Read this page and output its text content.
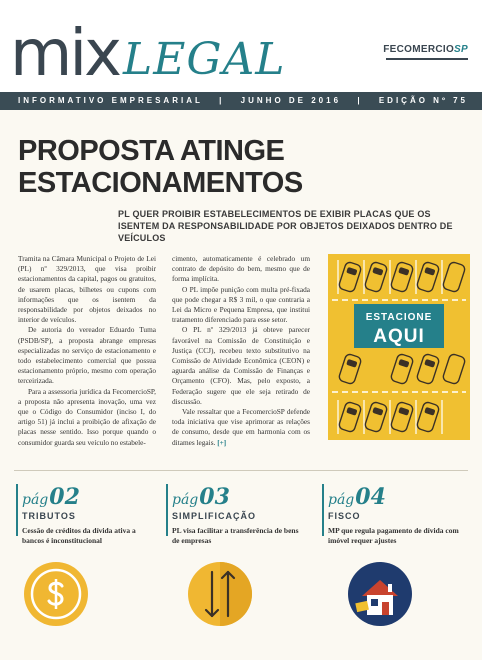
mix LEGAL	FECOMERCIOSP
INFORMATIVO EMPRESARIAL | JUNHO DE 2016 | EDIÇÃO Nº 75
PROPOSTA ATINGE ESTACIONAMENTOS
PL QUER PROIBIR ESTABELECIMENTOS DE EXIBIR PLACAS QUE OS ISENTEM DA RESPONSABILIDADE POR OBJETOS DEIXADOS DENTRO DE VEÍCULOS

Tramita na Câmara Municipal o Projeto de Lei (PL) nº 329/2013, que visa proibir estacionamentos da capital, pagos ou gratuitos, de usarem placas, bilhetes ou cupons com informações que os isentem da responsabilidade por objetos deixados no interior de veículos.

De autoria do vereador Eduardo Tuma (PSDB/SP), a proposta abrange empresas especializadas no serviço de estacionamento e todo estabelecimento comercial que possua estacionamento próprio, mesmo com operação terceirizada.

Para a assessoria jurídica da FecomercioSP, a proposta não apresenta inovação, uma vez que o Código do Consumidor (inciso I, do artigo 51) já inclui a proibição de afixação de placas nesse sentido. Isso porque quando o consumidor guarda seu veículo no estabele-

cimento, automaticamente é celebrado um contrato de depósito do bem, mesmo que de forma implícita.

O PL impõe punição com multa pré-fixada que pode chegar a R$ 3 mil, o que contraria a Lei da Micro e Pequena Empresa, que institui tratamento diferenciado para esse setor.

O PL nº 329/2013 já obteve parecer favorável na Comissão de Constituição e Justiça (CCJ), recebeu texto substitutivo na Comissão de Atividade Econômica (CEON) e aguarda análise da Comissão de Finanças e Orçamento (CFO). Mas, pelo exposto, a Federação sugere que ele seja retirado de discussão.

Vale ressaltar que a FecomercioSP defende toda iniciativa que vise aprimorar as relações de consumo, desde que em harmonia com os ditames legais. [+]

ESTACIONE
AQUI
pág 02
TRIBUTOS
Cessão de créditos da dívida ativa a bancos é inconstitucional
pág 03
SIMPLIFICAÇÃO
PL visa facilitar a transferência de bens de empresas
pág 04
FISCO
MP que regula pagamento de dívida com imóvel requer ajustes
